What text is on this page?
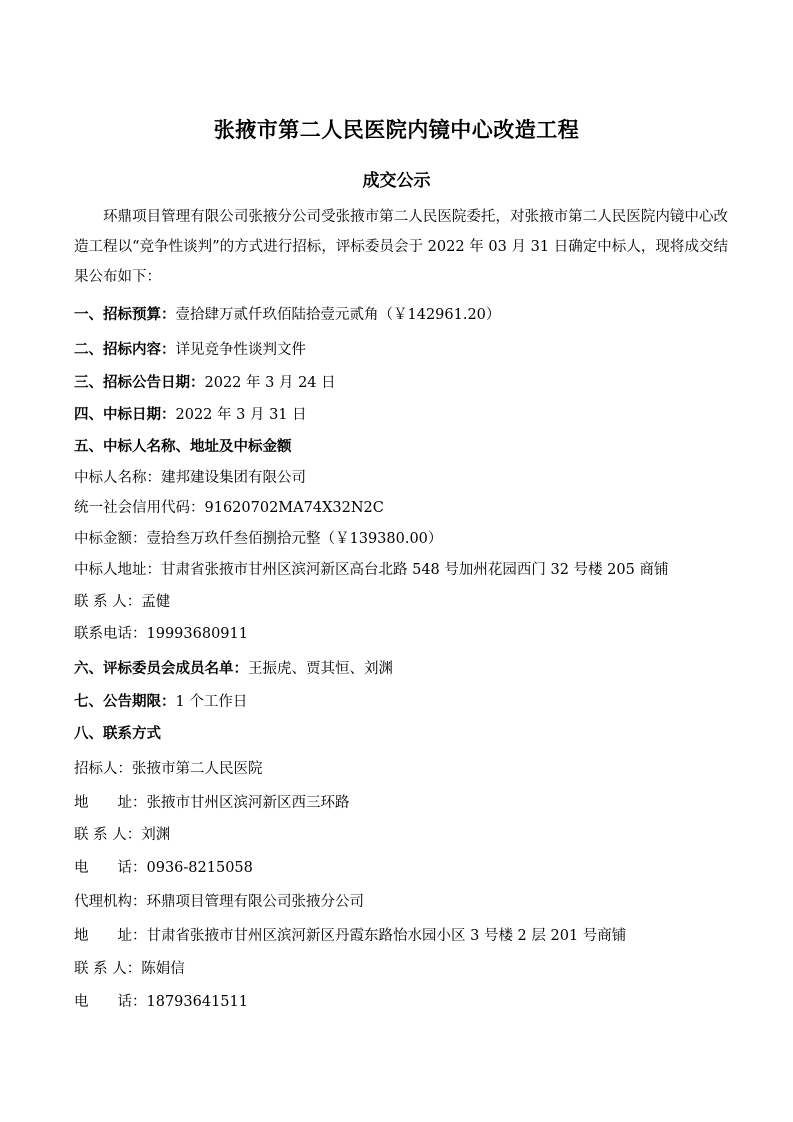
张掖市第二人民医院内镜中心改造工程
成交公示
环鼎项目管理有限公司张掖分公司受张掖市第二人民医院委托，对张掖市第二人民医院内镜中心改造工程以“竞争性谈判”的方式进行招标，评标委员会于 2022 年 03 月 31 日确定中标人，现将成交结果公布如下：
一、招标预算：壹拾肆万贰仟玖佰陆拾壹元贰角（￥142961.20）
二、招标内容：详见竞争性谈判文件
三、招标公告日期：2022 年 3 月 24 日
四、中标日期：2022 年 3 月 31 日
五、中标人名称、地址及中标金额
中标人名称：建邦建设集团有限公司
统一社会信用代码：91620702MA74X32N2C
中标金额：壹拾叁万玖仟叁佰捌拾元整（￥139380.00）
中标人地址：甘肃省张掖市甘州区滨河新区高台北路 548 号加州花园西门 32 号楼 205 商铺
联 系 人：孟健
联系电话：19993680911
六、评标委员会成员名单：王振虎、贾其恒、刘渊
七、公告期限：1 个工作日
八、联系方式
招标人：张掖市第二人民医院
地　　址：张掖市甘州区滨河新区西三环路
联 系 人：刘渊
电　　话：0936-8215058
代理机构：环鼎项目管理有限公司张掖分公司
地　　址：甘肃省张掖市甘州区滨河新区丹霞东路怡水园小区 3 号楼 2 层 201 号商铺
联 系 人：陈娟信
电　　话：18793641511
